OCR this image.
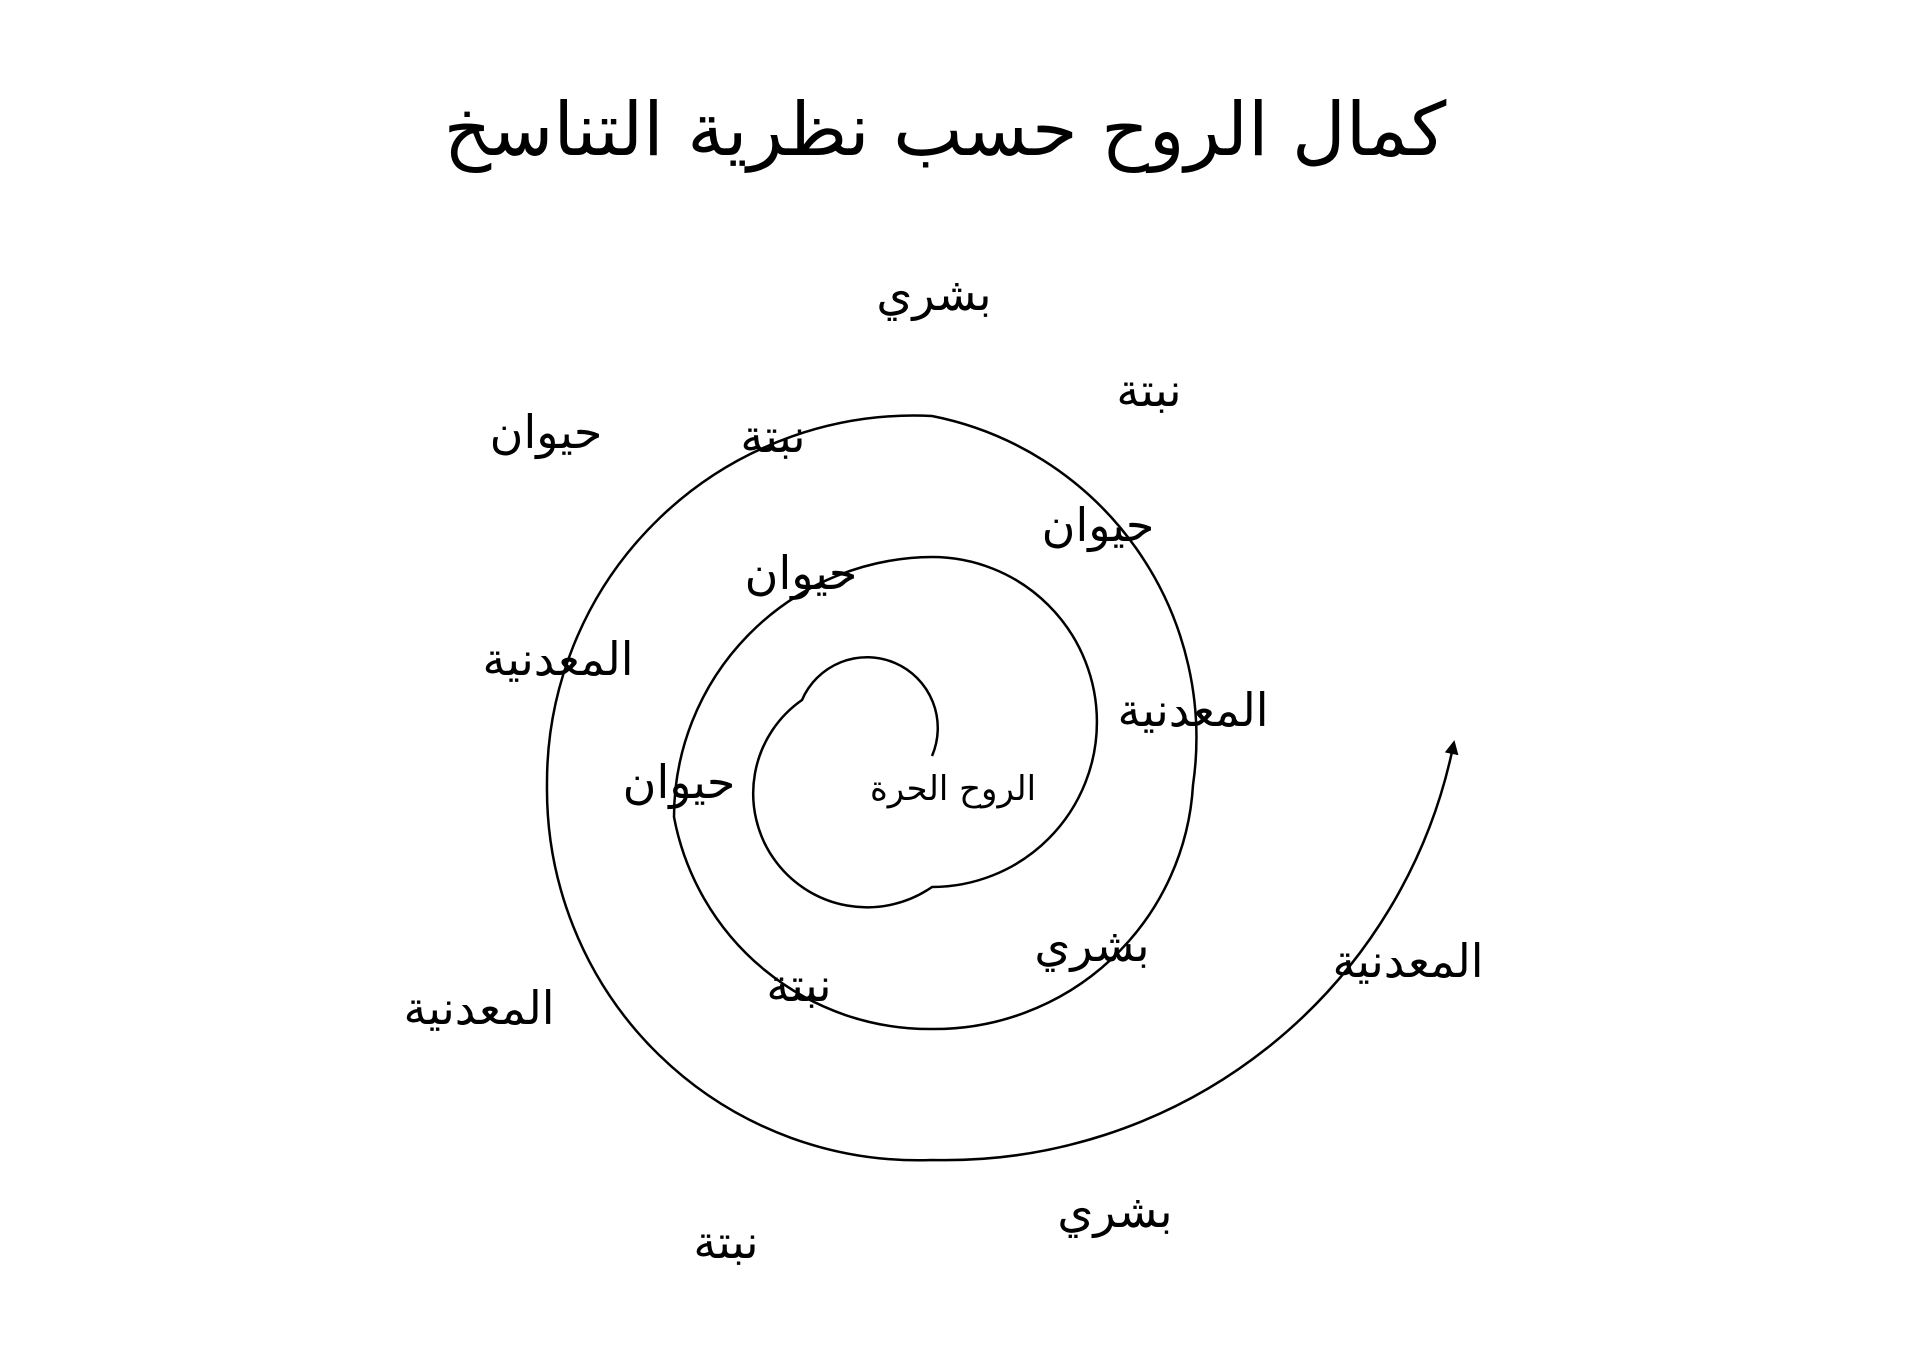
كمال الروح حسب نظرية التناسخ
الروح الحرة
حيوان
حيوان
نبتة
حيوان
المعدنية
بشري
نبتة
المعدنية
حيوان
بشري
نبتة
المعدنية
نبتة
بشري
المعدنية
